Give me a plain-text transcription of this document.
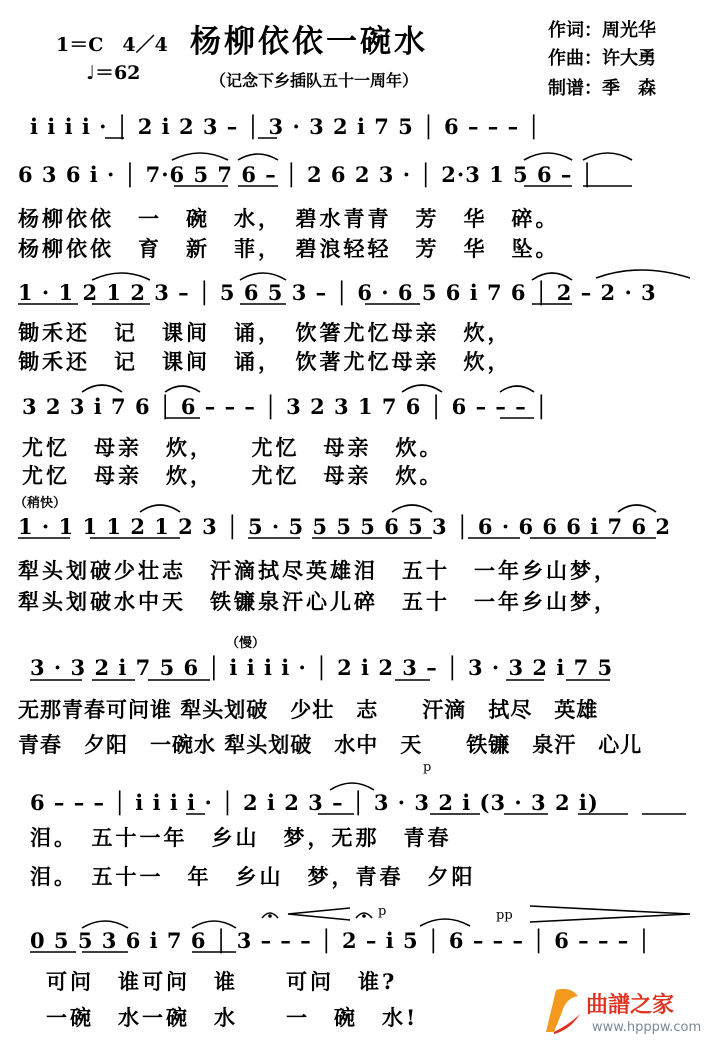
1＝C　4／4
♩＝62
杨柳依依一碗水
（记念下乡插队五十一周年）
作词：周光华
作曲：许大勇
制谱：季　森
i i i i · │ 2 i 2 3 – │ 3 · 3 2 i 7 5 │ 6 – – – │
6 3 6 i · │ 7·6 5 7 6 – │ 2 6 2 3 · │ 2·3 1 5 6 – │
杨柳依依　一　碗　水，　碧水青青　芳　华　碎。
杨柳依依　育　新　菲，　碧浪轻轻　芳　华　坠。
1 · 1 2 1 2 3 – │ 5 6 5 3 – │ 6 · 6 5 6 i 7 6 │ 2 – 2 · 3
锄禾还　记　课间　诵，　饮箸尤忆母亲　炊，
锄禾还　记　课间　诵，　饮著尤忆母亲　炊，
3 2 3 i 7 6 │ 6 – – – │ 3 2 3 1 7 6 │ 6 – – – │
尤忆　母亲　炊，　　尤忆　母亲　炊。
尤忆　母亲　炊，　　尤忆　母亲　炊。
（稍快）
1 · 1 1 1 2 1 2 3 │ 5 · 5 5 5 5 6 5 3 │ 6 · 6 6 6 i 7 6 2
犁头划破少壮志　汗滴拭尽英雄泪　五十　一年乡山梦，
犁头划破水中天　铁镰泉汗心儿碎　五十　一年乡山梦，
（慢）
3 · 3 2 i 7 5 6 │ i i i i · │ 2 i 2 3 – │ 3 · 3 2 i 7 5
无那青春可问谁 犁头划破　少壮　志　　汗滴　拭尽　英雄
青春　夕阳　一碗水 犁头划破　水中　天　　铁镰　泉汗　心儿
p
6 – – – │ i i i i · │ 2 i 2 3 – │ 3 · 3 2 i (3 · 3 2 i)
泪。　五十一年　乡山　梦，无那　青春
泪。　五十一　年　乡山　梦，青春　夕阳
p	pp
0 5 5 3 6 i 7 6 │ 3 – – – │ 2 – i 5 │ 6 – – – │ 6 – – – │
可问　谁可问　谁　　可问　谁?
一碗　水一碗　水　　一　碗　水!	曲譜之家
www.hpppw.com
